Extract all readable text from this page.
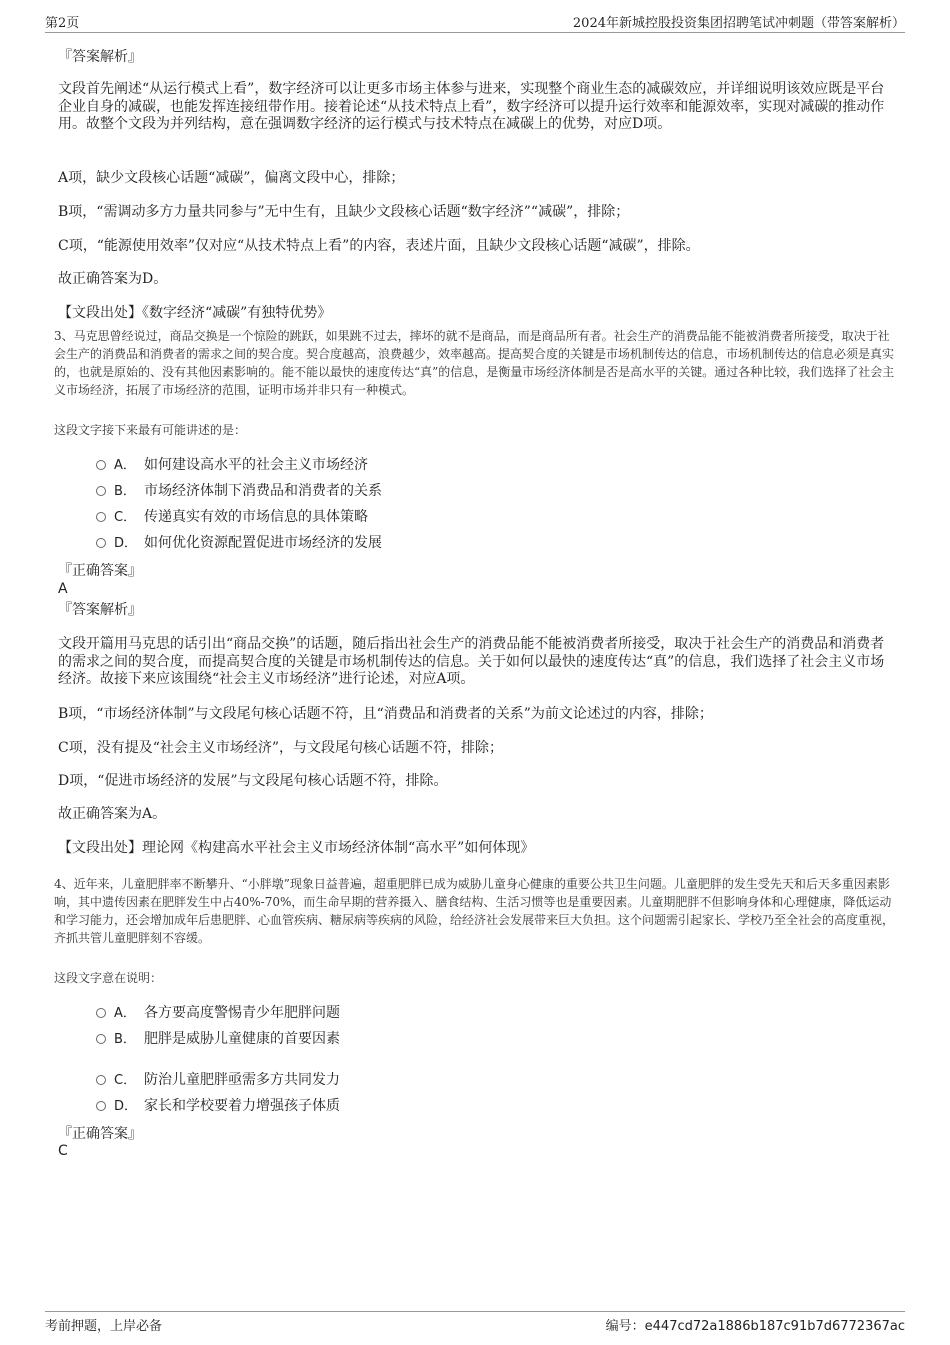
第2页	2024年新城控股投资集团招聘笔试冲刺题（带答案解析）
『答案解析』

文段首先阐述“从运行模式上看”，数字经济可以让更多市场主体参与进来，实现整个商业生态的减碳效应，并详细说明该效应既是平台企业自身的减碳，也能发挥连接纽带作用。接着论述“从技术特点上看”，数字经济可以提升运行效率和能源效率，实现对减碳的推动作用。故整个文段为并列结构，意在强调数字经济的运行模式与技术特点在减碳上的优势，对应D项。

A项，缺少文段核心话题“减碳”，偏离文段中心，排除；

B项，“需调动多方力量共同参与”无中生有，且缺少文段核心话题“数字经济”“减碳”，排除；

C项，“能源使用效率”仅对应“从技术特点上看”的内容，表述片面，且缺少文段核心话题“减碳”，排除。

故正确答案为D。

【文段出处】《数字经济“减碳”有独特优势》

3、马克思曾经说过，商品交换是一个惊险的跳跃，如果跳不过去，摔坏的就不是商品，而是商品所有者。社会生产的消费品能不能被消费者所接受，取决于社会生产的消费品和消费者的需求之间的契合度。契合度越高，浪费越少，效率越高。提高契合度的关键是市场机制传达的信息，市场机制传达的信息必须是真实的，也就是原始的、没有其他因素影响的。能不能以最快的速度传达“真”的信息，是衡量市场经济体制是否是高水平的关键。通过各种比较，我们选择了社会主义市场经济，拓展了市场经济的范围，证明市场并非只有一种模式。
这段文字接下来最有可能讲述的是：
A． 如何建设高水平的社会主义市场经济
B． 市场经济体制下消费品和消费者的关系
C． 传递真实有效的市场信息的具体策略
D． 如何优化资源配置促进市场经济的发展
『正确答案』
A
『答案解析』

文段开篇用马克思的话引出“商品交换”的话题，随后指出社会生产的消费品能不能被消费者所接受，取决于社会生产的消费品和消费者的需求之间的契合度，而提高契合度的关键是市场机制传达的信息。关于如何以最快的速度传达“真”的信息，我们选择了社会主义市场经济。故接下来应该围绕“社会主义市场经济”进行论述，对应A项。

B项，“市场经济体制”与文段尾句核心话题不符，且“消费品和消费者的关系”为前文论述过的内容，排除；

C项，没有提及“社会主义市场经济”，与文段尾句核心话题不符，排除；

D项，“促进市场经济的发展”与文段尾句核心话题不符，排除。

故正确答案为A。

【文段出处】理论网《构建高水平社会主义市场经济体制“高水平”如何体现》

4、近年来，儿童肥胖率不断攀升、“小胖墩”现象日益普遍，超重肥胖已成为威胁儿童身心健康的重要公共卫生问题。儿童肥胖的发生受先天和后天多重因素影响，其中遗传因素在肥胖发生中占40%-70%，而生命早期的营养摄入、膳食结构、生活习惯等也是重要因素。儿童期肥胖不但影响身体和心理健康，降低运动和学习能力，还会增加成年后患肥胖、心血管疾病、糖尿病等疾病的风险，给经济社会发展带来巨大负担。这个问题需引起家长、学校乃至全社会的高度重视，齐抓共管儿童肥胖刻不容缓。
这段文字意在说明：
A． 各方要高度警惕青少年肥胖问题
B． 肥胖是威胁儿童健康的首要因素
C． 防治儿童肥胖亟需多方共同发力
D． 家长和学校要着力增强孩子体质
『正确答案』
C
考前押题，上岸必备	编号：e447cd72a1886b187c91b7d6772367ac
